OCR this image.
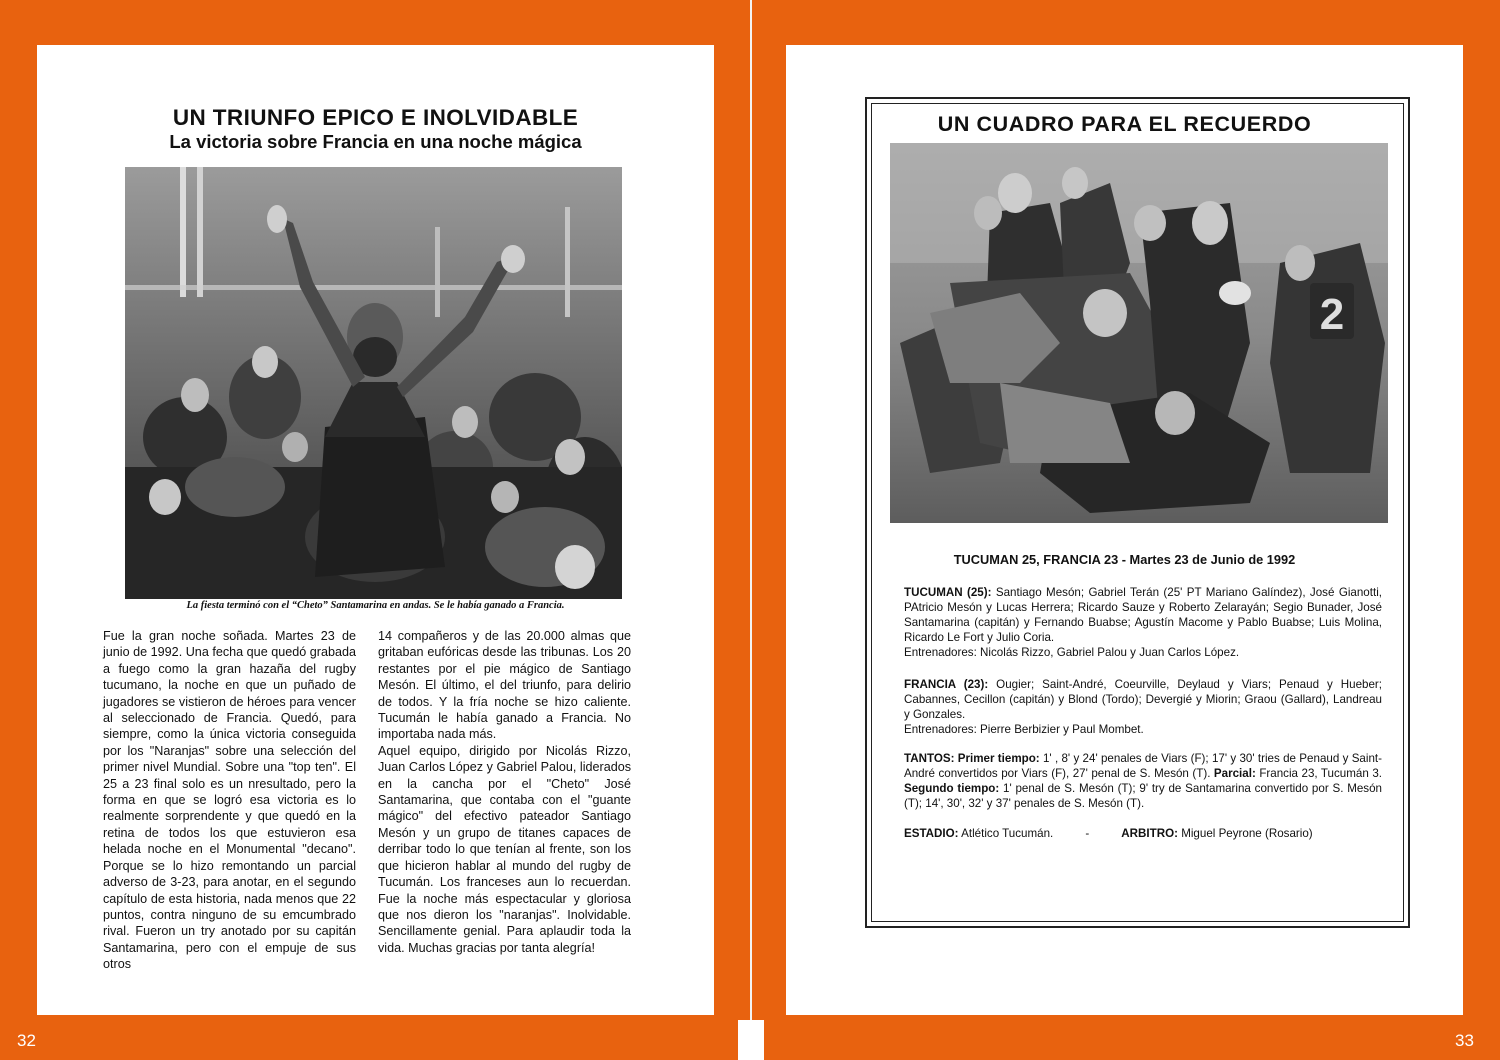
UN TRIUNFO EPICO E INOLVIDABLE
La victoria sobre Francia en una noche mágica
La fiesta terminó con el “Cheto” Santamarina en andas. Se le había ganado a Francia.

Fue la gran noche soñada. Martes 23 de junio de 1992. Una fecha que quedó grabada a fuego como la gran hazaña del rugby tucumano, la noche en que un puñado de jugadores se vistieron de héroes para vencer al seleccionado de Francia. Quedó, para siempre, como la única victoria conseguida por los "Naranjas" sobre una selección del primer nivel Mundial. Sobre una "top ten". El 25 a 23 final solo es un nresultado, pero la forma en que se logró esa victoria es lo realmente sorprendente y que quedó en la retina de todos los que estuvieron esa helada noche en el Monumental "decano". Porque se lo hizo remontando un parcial adverso de 3-23, para anotar, en el segundo capítulo de esta historia, nada menos que 22 puntos, contra ninguno de su emcumbrado rival. Fueron un try anotado por su capitán Santamarina, pero con el empuje de sus otros

14 compañeros y de las 20.000 almas que gritaban eufóricas desde las tribunas. Los 20 restantes por el pie mágico de Santiago Mesón. El último, el del triunfo, para delirio de todos. Y la fría noche se hizo caliente. Tucumán le había ganado a Francia. No importaba nada más.
Aquel equipo, dirigido por Nicolás Rizzo, Juan Carlos López y Gabriel Palou, liderados en la cancha por el "Cheto" José Santamarina, que contaba con el "guante mágico" del efectivo pateador Santiago Mesón y un grupo de titanes capaces de derribar todo lo que tenían al frente, son los que hicieron hablar al mundo del rugby de Tucumán. Los franceses aun lo recuerdan. Fue la noche más espectacular y gloriosa que nos dieron los "naranjas". Inolvidable. Sencillamente genial. Para aplaudir toda la vida. Muchas gracias por tanta alegría!
32
UN CUADRO PARA EL RECUERDO
2
TUCUMAN 25, FRANCIA 23 - Martes 23 de Junio de 1992
TUCUMAN (25): Santiago Mesón; Gabriel Terán (25' PT Mariano Galíndez), José Gianotti, PAtricio Mesón y Lucas Herrera; Ricardo Sauze y Roberto Zelarayán; Segio Bunader, José Santamarina (capitán) y Fernando Buabse; Agustín Macome y Pablo Buabse; Luis Molina, Ricardo Le Fort y Julio Coria.
Entrenadores: Nicolás Rizzo, Gabriel Palou y Juan Carlos López.
FRANCIA (23): Ougier; Saint-André, Coeurville, Deylaud y Viars; Penaud y Hueber; Cabannes, Cecillon (capitán) y Blond (Tordo); Devergié y Miorin; Graou (Gallard), Landreau y Gonzales.
Entrenadores: Pierre Berbizier y Paul Mombet.
TANTOS: Primer tiempo: 1' , 8' y 24' penales de Viars (F); 17' y 30' tries de Penaud y Saint-André convertidos por Viars (F), 27' penal de S. Mesón (T). Parcial: Francia 23, Tucumán 3. Segundo tiempo: 1' penal de S. Mesón (T); 9' try de Santamarina convertido por S. Mesón (T); 14', 30', 32' y 37' penales de S. Mesón (T).
ESTADIO: Atlético Tucumán.	-	ARBITRO: Miguel Peyrone (Rosario)
33
